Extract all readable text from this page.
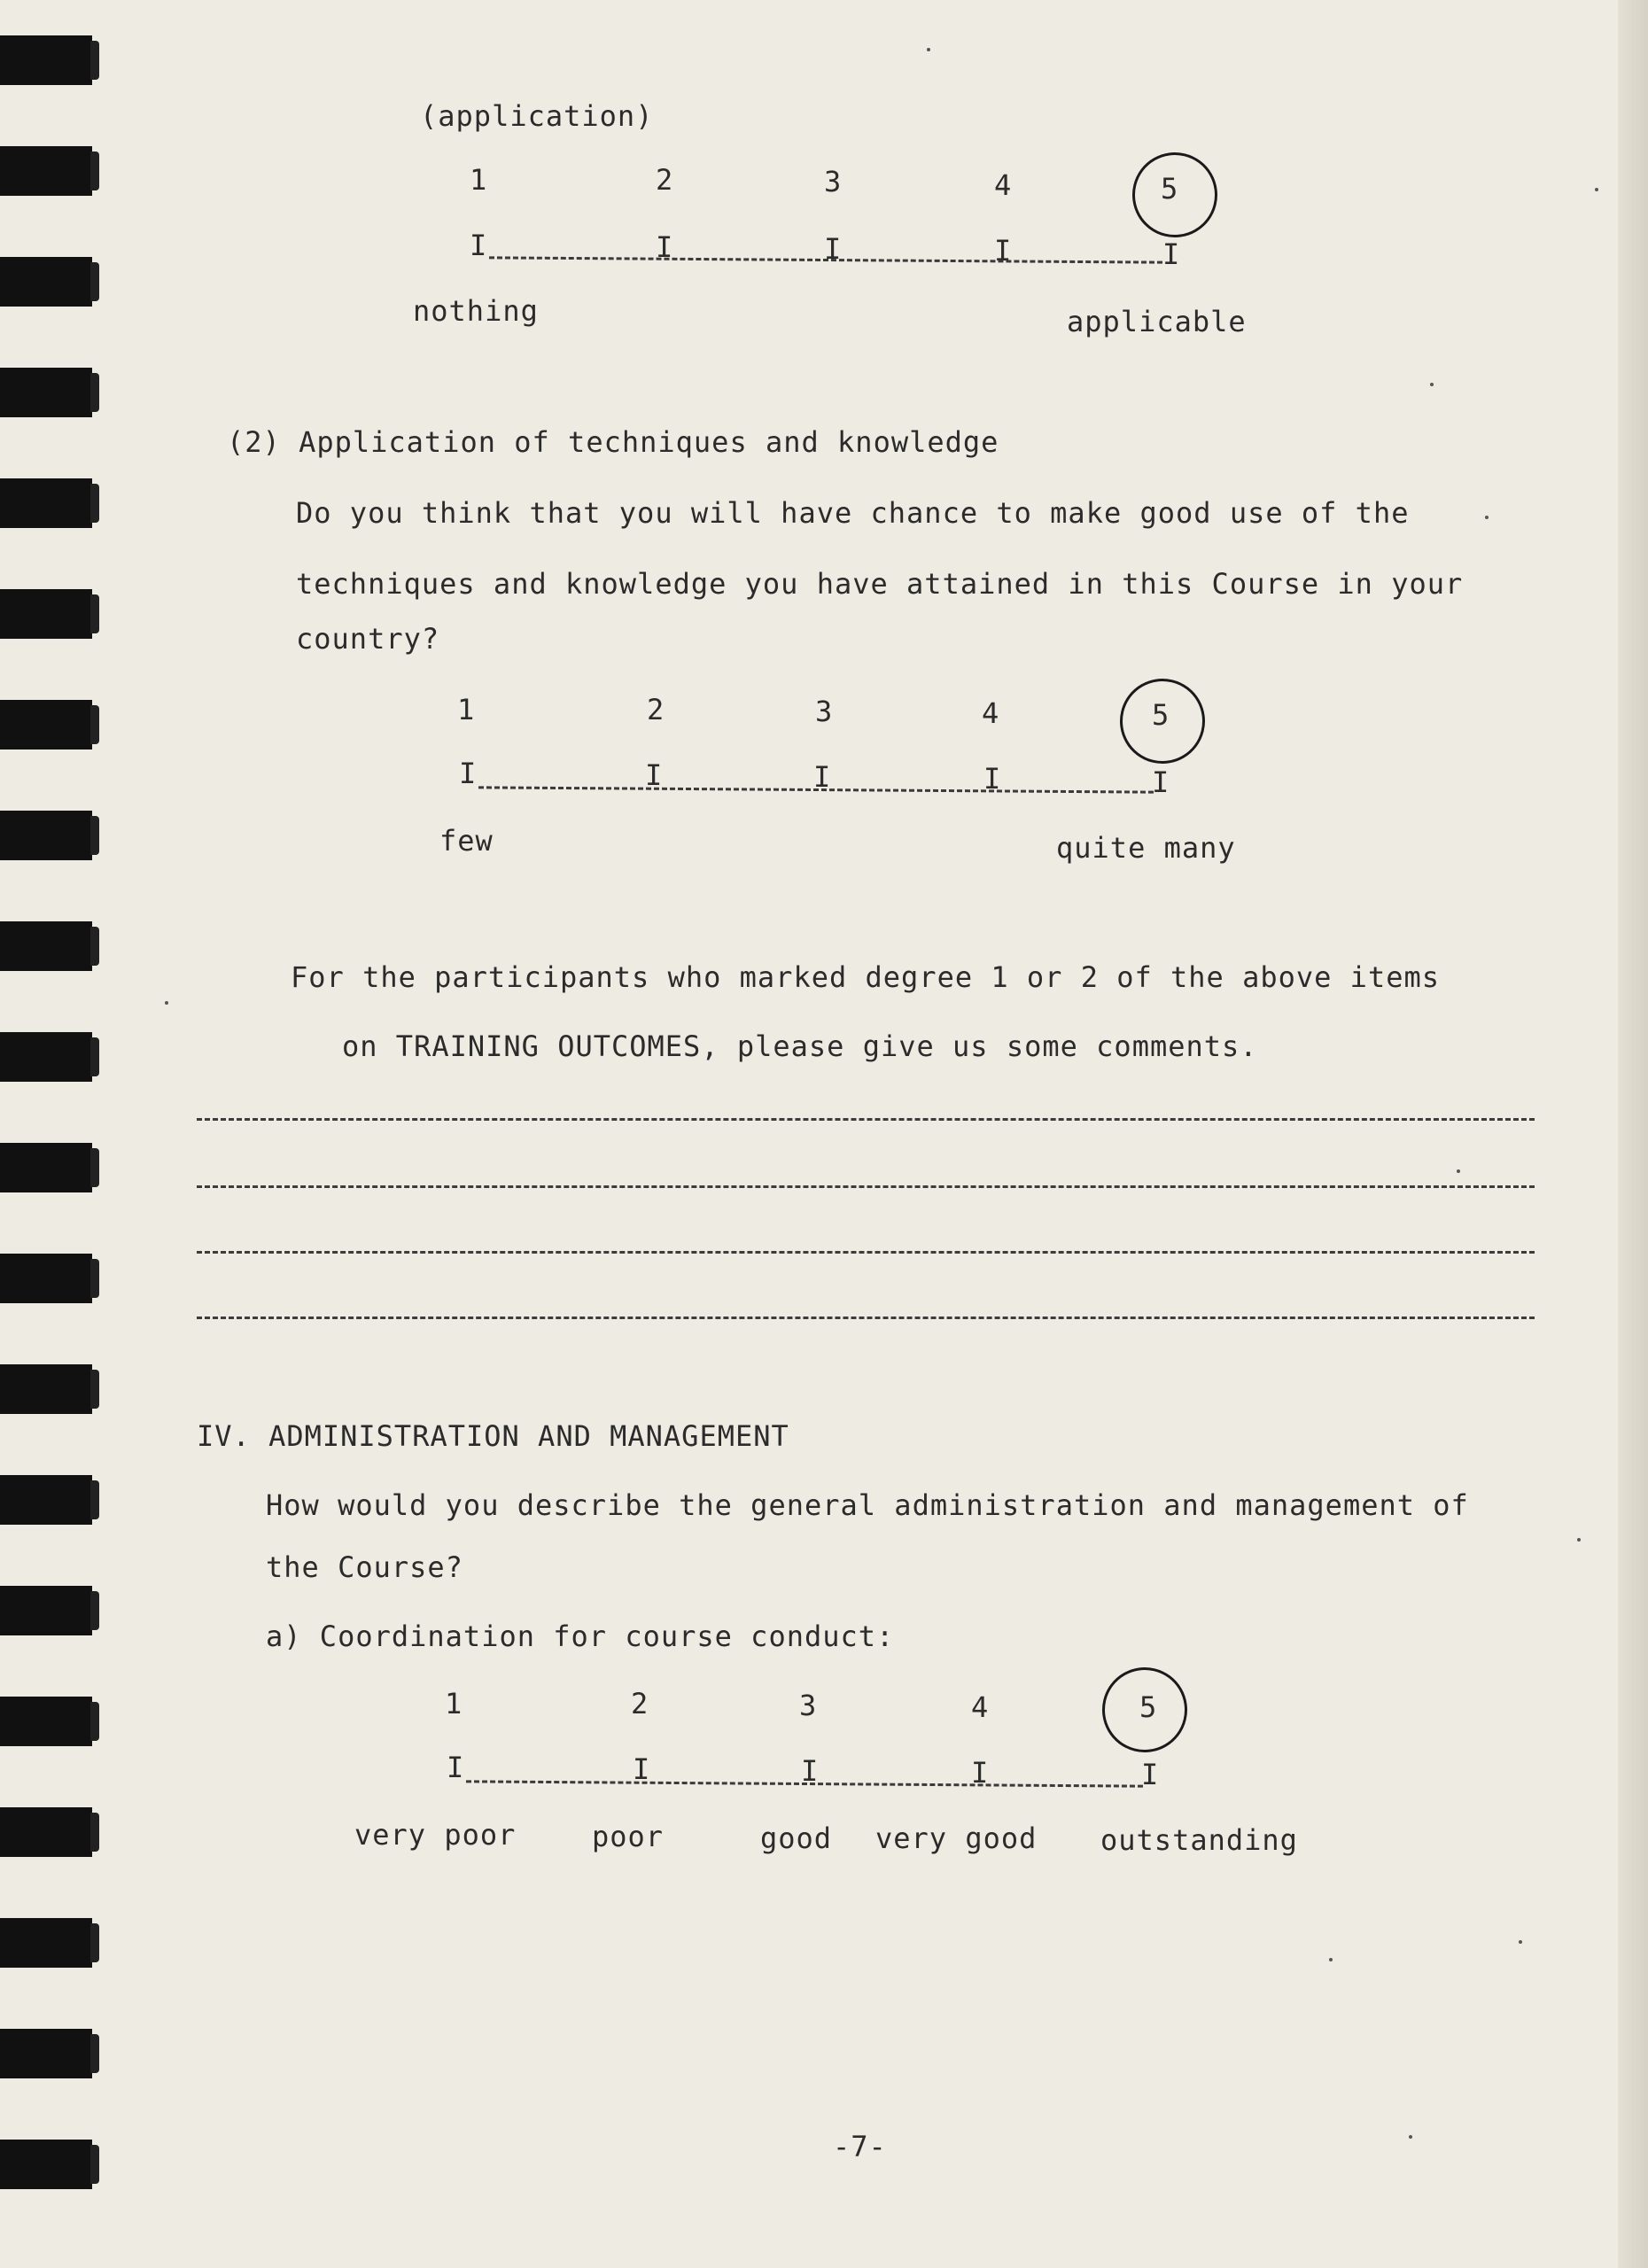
(application)
1	2	3	4	5
I	I	I	I	I
nothing	applicable
(2) Application of techniques and knowledge
Do you think that you will have chance to make good use of the
techniques and knowledge you have attained in this Course in your
country?
1	2	3	4	5
I	I	I	I	I
few	quite many
For the participants who marked degree 1 or 2 of the above items
on TRAINING OUTCOMES, please give us some comments.
IV. ADMINISTRATION AND MANAGEMENT
How would you describe the general administration and management of
the Course?
a) Coordination for course conduct:
1	2	3	4	5
I	I	I	I	I
very poor	poor	good very good outstanding
-7-
